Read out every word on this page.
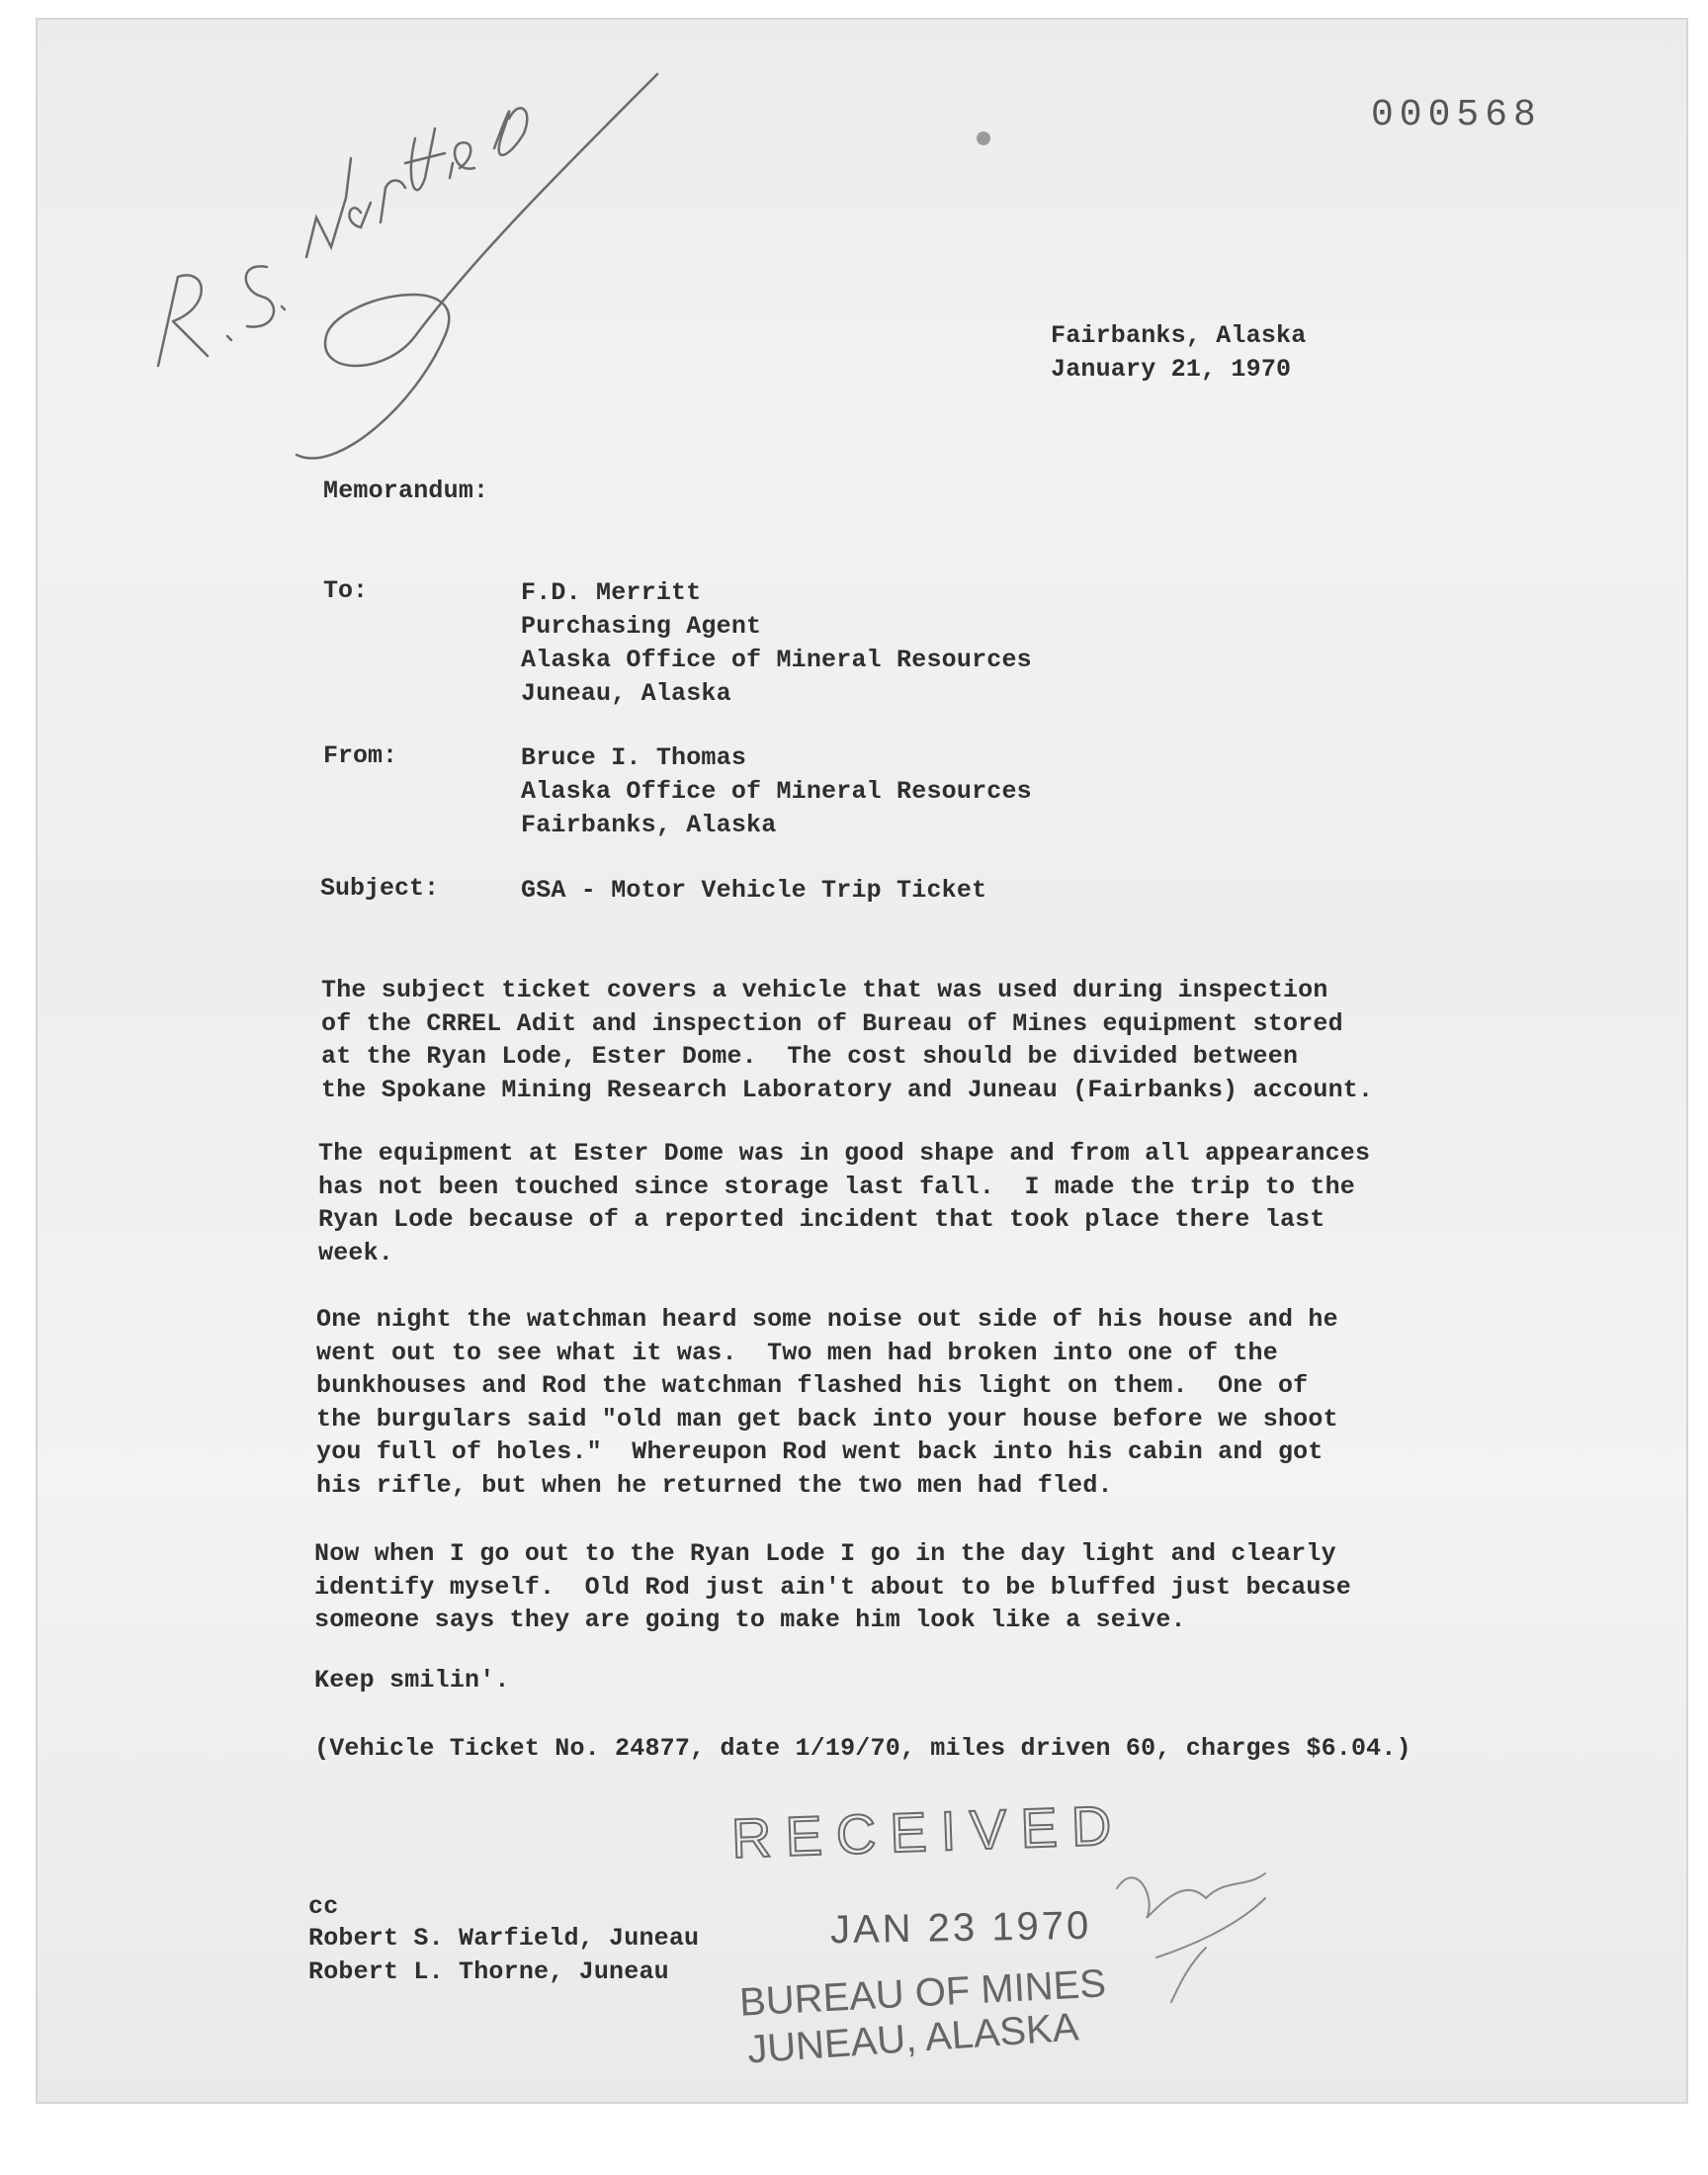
000568
Fairbanks, Alaska
January 21, 1970
Memorandum:
To:	F.D. Merritt
Purchasing Agent
Alaska Office of Mineral Resources
Juneau, Alaska
From:	Bruce I. Thomas
Alaska Office of Mineral Resources
Fairbanks, Alaska
Subject:	GSA - Motor Vehicle Trip Ticket
The subject ticket covers a vehicle that was used during inspection
of the CRREL Adit and inspection of Bureau of Mines equipment stored
at the Ryan Lode, Ester Dome.  The cost should be divided between
the Spokane Mining Research Laboratory and Juneau (Fairbanks) account.
The equipment at Ester Dome was in good shape and from all appearances
has not been touched since storage last fall.  I made the trip to the
Ryan Lode because of a reported incident that took place there last
week.
One night the watchman heard some noise out side of his house and he
went out to see what it was.  Two men had broken into one of the
bunkhouses and Rod the watchman flashed his light on them.  One of
the burgulars said "old man get back into your house before we shoot
you full of holes."  Whereupon Rod went back into his cabin and got
his rifle, but when he returned the two men had fled.
Now when I go out to the Ryan Lode I go in the day light and clearly
identify myself.  Old Rod just ain't about to be bluffed just because
someone says they are going to make him look like a seive.
Keep smilin'.
(Vehicle Ticket No. 24877, date 1/19/70, miles driven 60, charges $6.04.)
cc
Robert S. Warfield, Juneau
Robert L. Thorne, Juneau
RECEIVED
JAN 23 1970
BUREAU OF MINES
JUNEAU, ALASKA
